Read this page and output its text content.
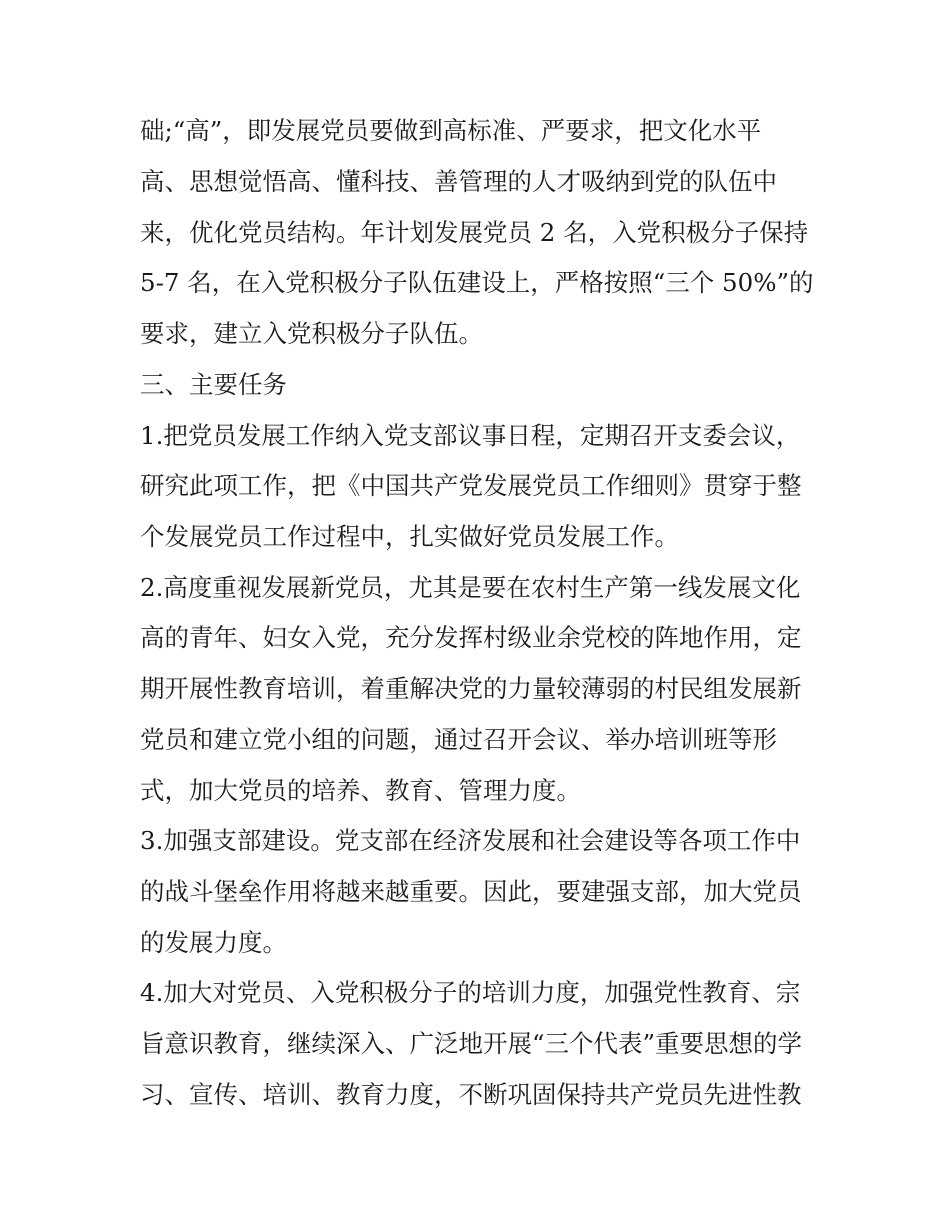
础;“高”，即发展党员要做到高标准、严要求，把文化水平
高、思想觉悟高、懂科技、善管理的人才吸纳到党的队伍中
来，优化党员结构。年计划发展党员 2 名，入党积极分子保持
5-7 名，在入党积极分子队伍建设上，严格按照“三个 50%”的
要求，建立入党积极分子队伍。
三、主要任务
1.把党员发展工作纳入党支部议事日程，定期召开支委会议，
研究此项工作，把《中国共产党发展党员工作细则》贯穿于整
个发展党员工作过程中，扎实做好党员发展工作。
2.高度重视发展新党员，尤其是要在农村生产第一线发展文化
高的青年、妇女入党，充分发挥村级业余党校的阵地作用，定
期开展性教育培训，着重解决党的力量较薄弱的村民组发展新
党员和建立党小组的问题，通过召开会议、举办培训班等形
式，加大党员的培养、教育、管理力度。
3.加强支部建设。党支部在经济发展和社会建设等各项工作中
的战斗堡垒作用将越来越重要。因此，要建强支部，加大党员
的发展力度。
4.加大对党员、入党积极分子的培训力度，加强党性教育、宗
旨意识教育，继续深入、广泛地开展“三个代表”重要思想的学
习、宣传、培训、教育力度，不断巩固保持共产党员先进性教
